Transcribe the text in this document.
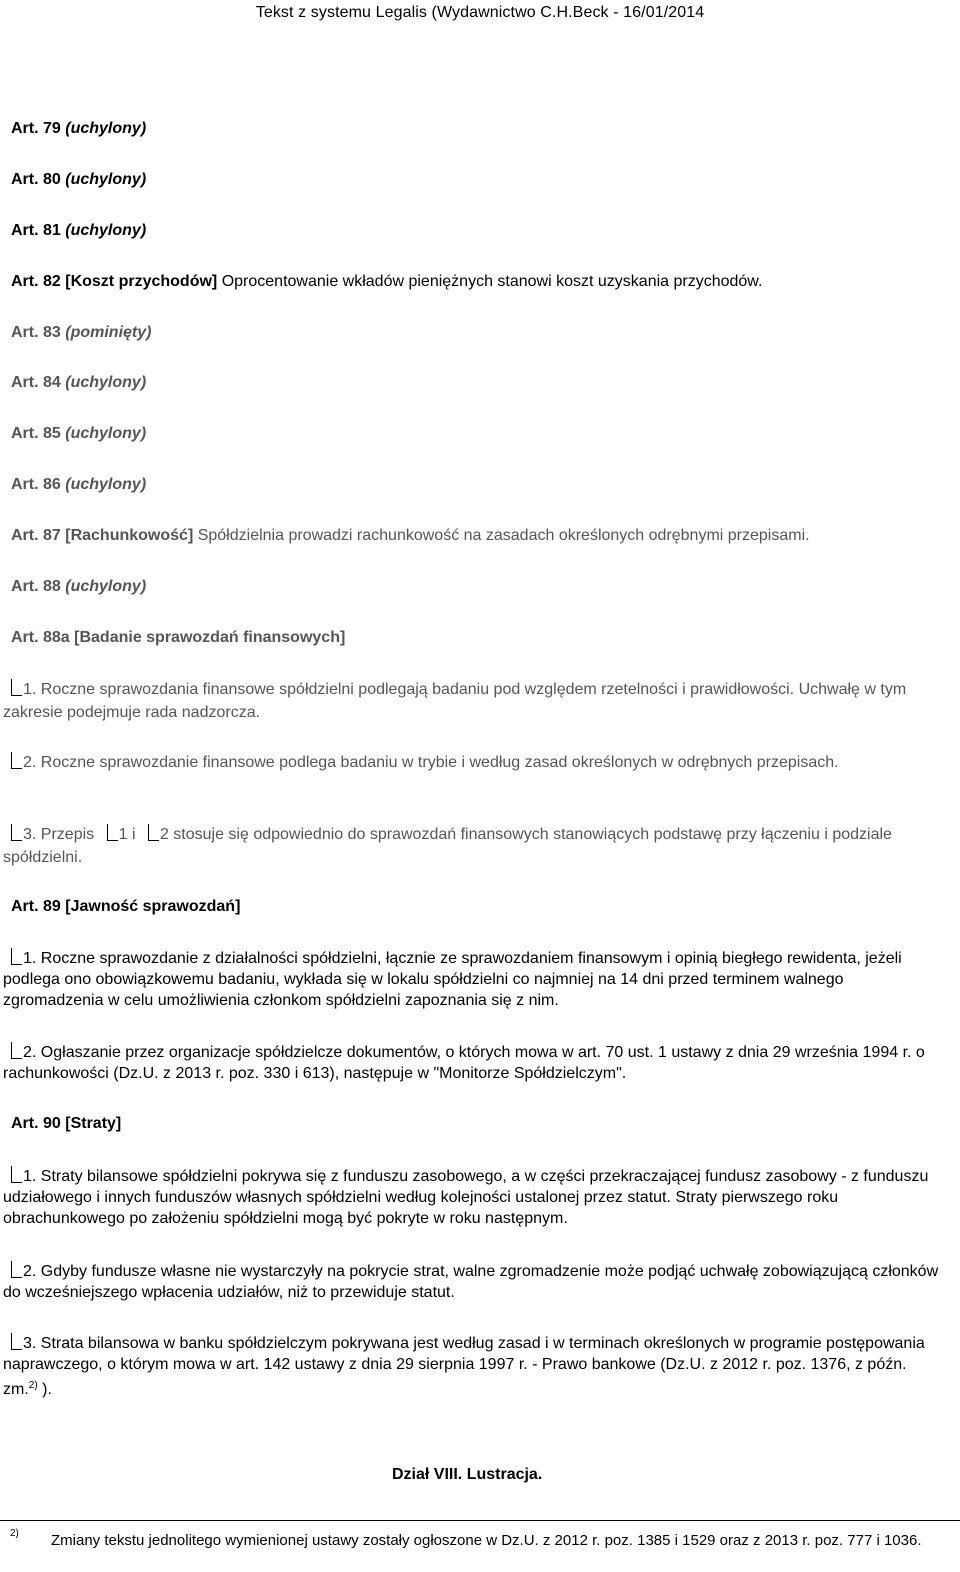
Tekst z systemu Legalis (Wydawnictwo C.H.Beck - 16/01/2014
Art. 79 (uchylony)
Art. 80 (uchylony)
Art. 81 (uchylony)
Art. 82 [Koszt przychodów] Oprocentowanie wkładów pieniężnych stanowi koszt uzyskania przychodów.
Art. 83 (pominięty)
Art. 84 (uchylony)
Art. 85 (uchylony)
Art. 86 (uchylony)
Art. 87 [Rachunkowość] Spółdzielnia prowadzi rachunkowość na zasadach określonych odrębnymi przepisami.
Art. 88 (uchylony)
Art. 88a [Badanie sprawozdań finansowych]
1. Roczne sprawozdania finansowe spółdzielni podlegają badaniu pod względem rzetelności i prawidłowości. Uchwałę w tym zakresie podejmuje rada nadzorcza.
2. Roczne sprawozdanie finansowe podlega badaniu w trybie i według zasad określonych w odrębnych przepisach.
3. Przepis 1 i 2 stosuje się odpowiednio do sprawozdań finansowych stanowiących podstawę przy łączeniu i podziale spółdzielni.
Art. 89 [Jawność sprawozdań]
1. Roczne sprawozdanie z działalności spółdzielni, łącznie ze sprawozdaniem finansowym i opinią biegłego rewidenta, jeżeli podlega ono obowiązkowemu badaniu, wykłada się w lokalu spółdzielni co najmniej na 14 dni przed terminem walnego zgromadzenia w celu umożliwienia członkom spółdzielni zapoznania się z nim.
2. Ogłaszanie przez organizacje spółdzielcze dokumentów, o których mowa w art. 70 ust. 1 ustawy z dnia 29 września 1994 r. o rachunkowości (Dz.U. z 2013 r. poz. 330 i 613), następuje w "Monitorze Spółdzielczym".
Art. 90 [Straty]
1. Straty bilansowe spółdzielni pokrywa się z funduszu zasobowego, a w części przekraczającej fundusz zasobowy - z funduszu udziałowego i innych funduszów własnych spółdzielni według kolejności ustalonej przez statut. Straty pierwszego roku obrachunkowego po założeniu spółdzielni mogą być pokryte w roku następnym.
2. Gdyby fundusze własne nie wystarczyły na pokrycie strat, walne zgromadzenie może podjąć uchwałę zobowiązującą członków do wcześniejszego wpłacenia udziałów, niż to przewiduje statut.
3. Strata bilansowa w banku spółdzielczym pokrywana jest według zasad i w terminach określonych w programie postępowania naprawczego, o którym mowa w art. 142 ustawy z dnia 29 sierpnia 1997 r. - Prawo bankowe (Dz.U. z 2012 r. poz. 1376, z późn. zm.$^{2)}$ ).
Dział VIII. Lustracja.
2)	Zmiany tekstu jednolitego wymienionej ustawy zostały ogłoszone w Dz.U. z 2012 r. poz. 1385 i 1529 oraz z 2013 r. poz. 777 i 1036.
